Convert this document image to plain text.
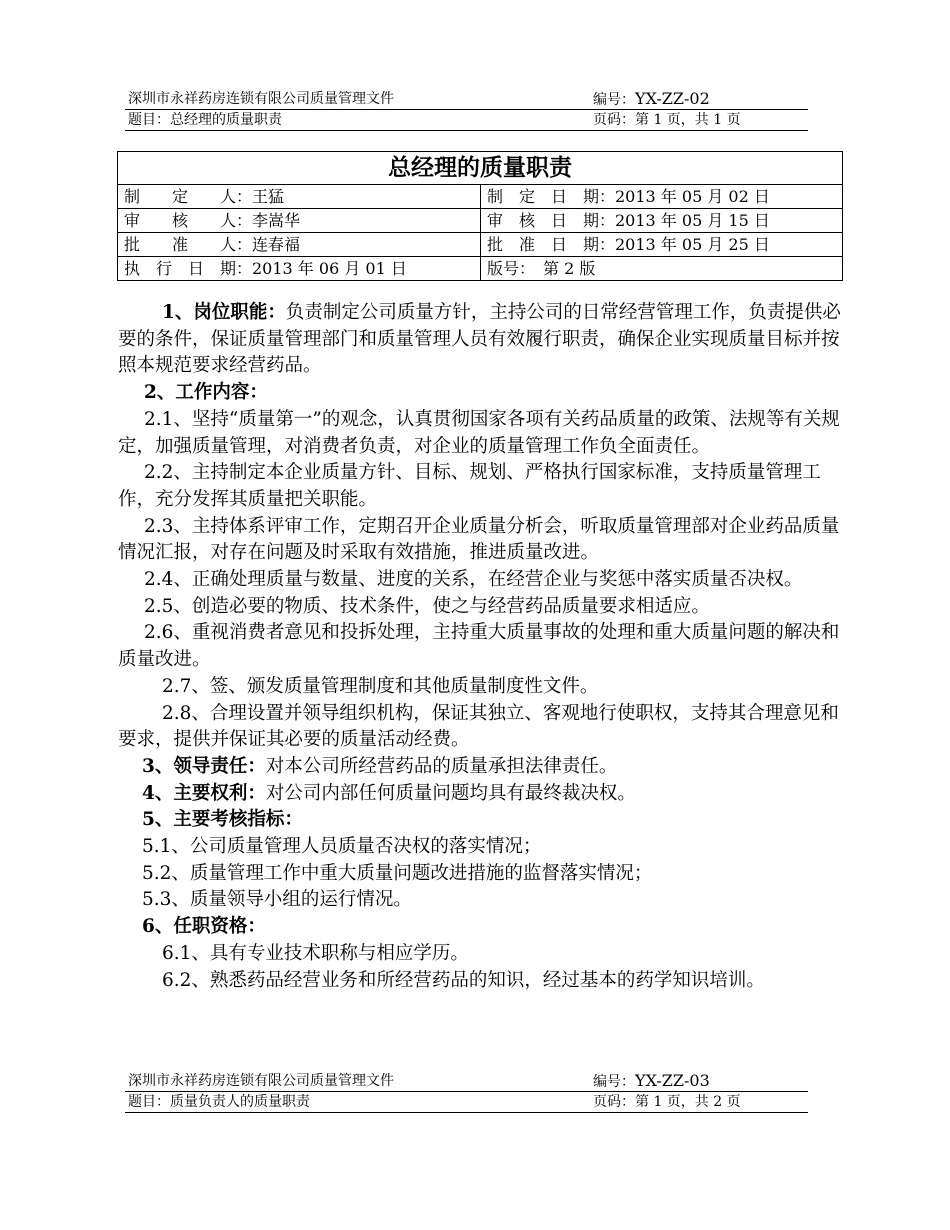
深圳市永祥药房连锁有限公司质量管理文件	编号：YX-ZZ-02
题目：总经理的质量职责	页码：第 1 页，共 1 页
总经理的质量职责	
制　　定　　人：王猛	制　定　日　期：2013 年 05 月 02 日
审　　核　　人：李嵩华	审　核　日　期：2013 年 05 月 15 日
批　　准　　人：连春福	批　准　日　期：2013 年 05 月 25 日
执　行　日　期：2013 年 06 月 01 日	版号：　第 2 版

1、岗位职能：负责制定公司质量方针，主持公司的日常经营管理工作，负责提供必要的条件，保证质量管理部门和质量管理人员有效履行职责，确保企业实现质量目标并按照本规范要求经营药品。

2、工作内容：

2.1、坚持“质量第一”的观念，认真贯彻国家各项有关药品质量的政策、法规等有关规定，加强质量管理，对消费者负责，对企业的质量管理工作负全面责任。

2.2、主持制定本企业质量方针、目标、规划、严格执行国家标准，支持质量管理工作，充分发挥其质量把关职能。

2.3、主持体系评审工作，定期召开企业质量分析会，听取质量管理部对企业药品质量情况汇报，对存在问题及时采取有效措施，推进质量改进。

2.4、正确处理质量与数量、进度的关系，在经营企业与奖惩中落实质量否决权。

2.5、创造必要的物质、技术条件，使之与经营药品质量要求相适应。

2.6、重视消费者意见和投拆处理，主持重大质量事故的处理和重大质量问题的解决和质量改进。

2.7、签、颁发质量管理制度和其他质量制度性文件。

2.8、合理设置并领导组织机构，保证其独立、客观地行使职权，支持其合理意见和要求，提供并保证其必要的质量活动经费。

3、领导责任：对本公司所经营药品的质量承担法律责任。

4、主要权利：对公司内部任何质量问题均具有最终裁决权。

5、主要考核指标：

5.1、公司质量管理人员质量否决权的落实情况；

5.2、质量管理工作中重大质量问题改进措施的监督落实情况；

5.3、质量领导小组的运行情况。

6、任职资格：

6.1、具有专业技术职称与相应学历。

6.2、熟悉药品经营业务和所经营药品的知识，经过基本的药学知识培训。

深圳市永祥药房连锁有限公司质量管理文件	编号：YX-ZZ-03
题目：质量负责人的质量职责	页码：第 1 页，共 2 页
